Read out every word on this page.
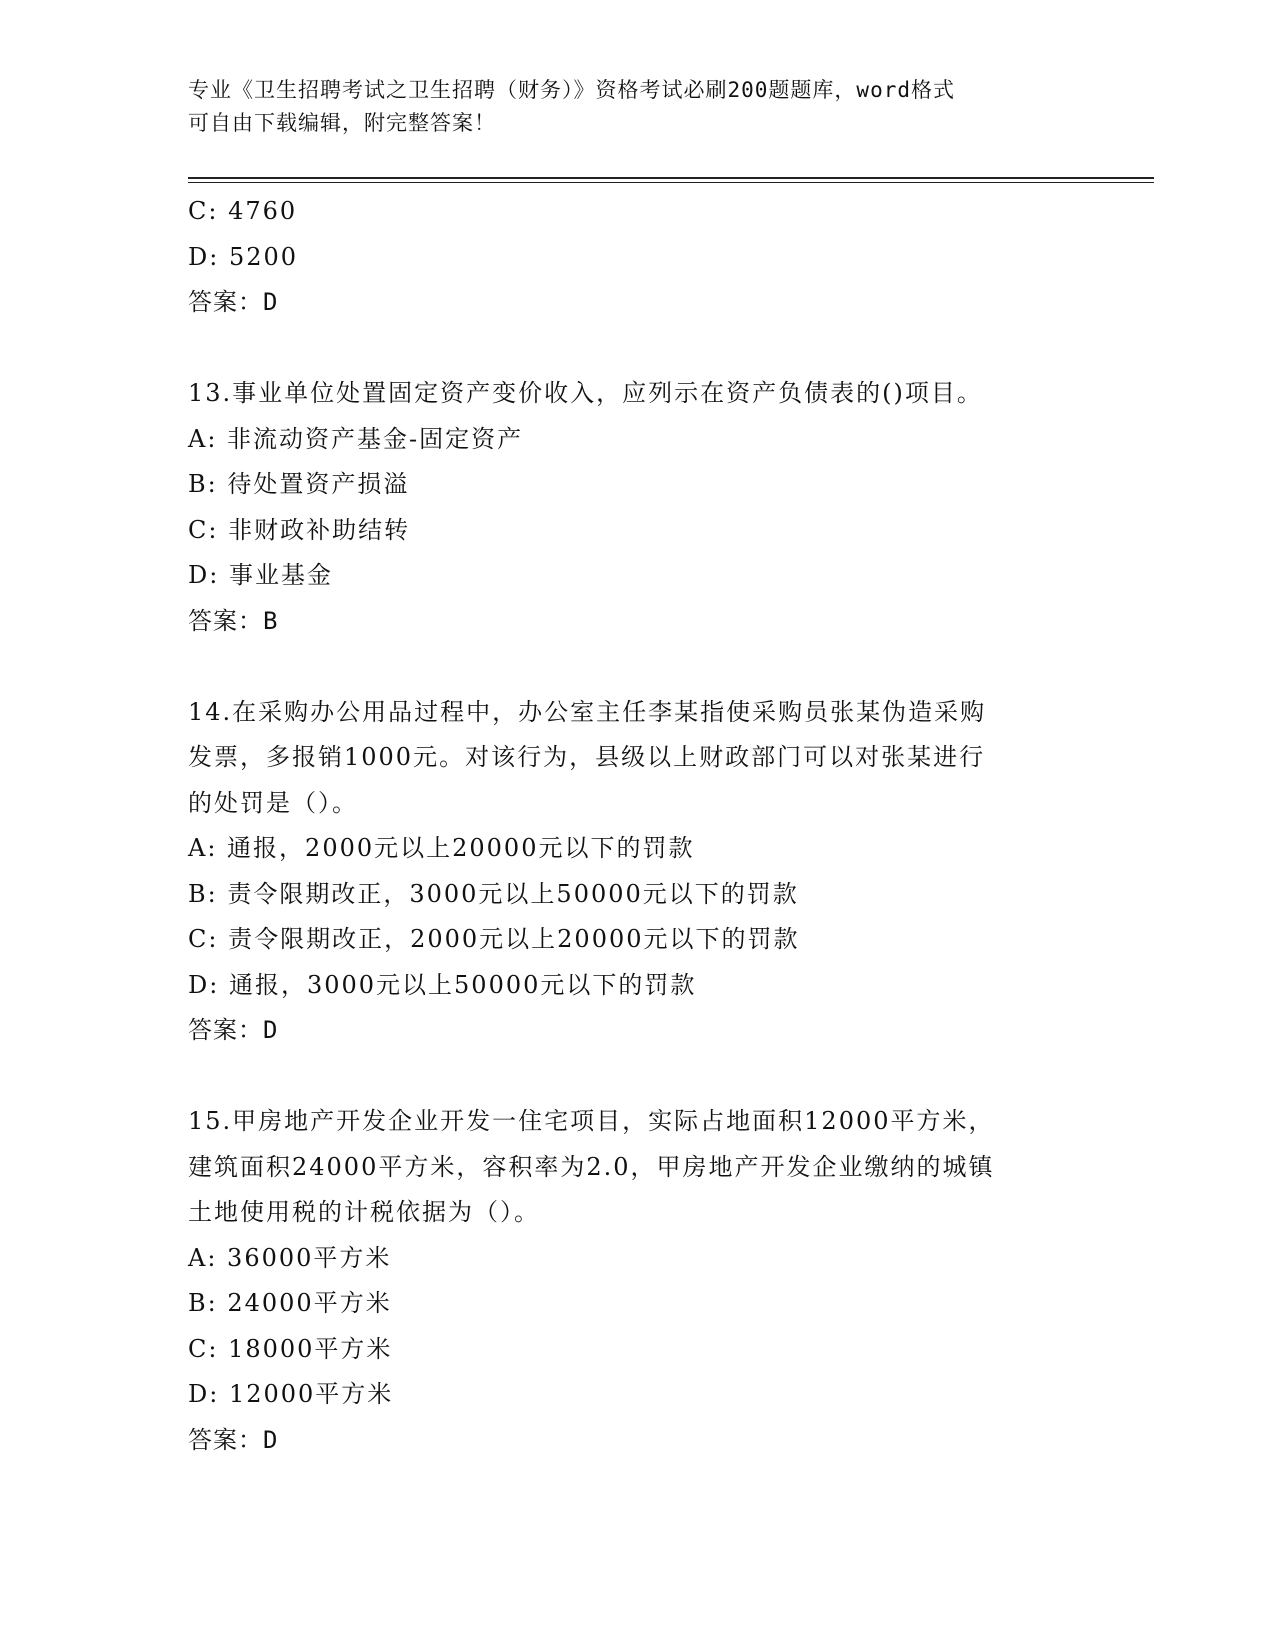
专业《卫生招聘考试之卫生招聘（财务）》资格考试必刷200题题库，word格式
可自由下载编辑，附完整答案！
C: 4760
D: 5200
答案：D
13.事业单位处置固定资产变价收入，应列示在资产负债表的()项目。
A: 非流动资产基金-固定资产
B: 待处置资产损溢
C: 非财政补助结转
D: 事业基金
答案：B
14.在采购办公用品过程中，办公室主任李某指使采购员张某伪造采购
发票，多报销1000元。对该行为，县级以上财政部门可以对张某进行
的处罚是（）。
A: 通报，2000元以上20000元以下的罚款
B: 责令限期改正，3000元以上50000元以下的罚款
C: 责令限期改正，2000元以上20000元以下的罚款
D: 通报，3000元以上50000元以下的罚款
答案：D
15.甲房地产开发企业开发一住宅项目，实际占地面积12000平方米，
建筑面积24000平方米，容积率为2.0，甲房地产开发企业缴纳的城镇
土地使用税的计税依据为（）。
A: 36000平方米
B: 24000平方米
C: 18000平方米
D: 12000平方米
答案：D
